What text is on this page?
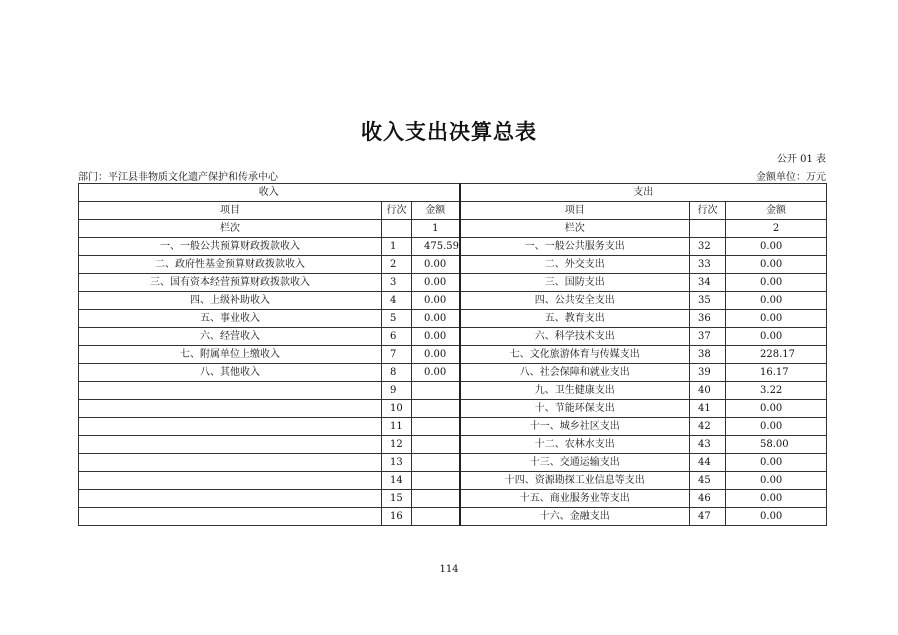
收入支出决算总表
公开 01 表
部门：平江县非物质文化遗产保护和传承中心	金额单位：万元
收入			支出		
项目	行次	金额	项目	行次	金额
栏次		1	栏次		2
一、一般公共预算财政拨款收入	1	475.59	一、一般公共服务支出	32	0.00
二、政府性基金预算财政拨款收入	2	0.00	二、外交支出	33	0.00
三、国有资本经营预算财政拨款收入	3	0.00	三、国防支出	34	0.00
四、上级补助收入	4	0.00	四、公共安全支出	35	0.00
五、事业收入	5	0.00	五、教育支出	36	0.00
六、经营收入	6	0.00	六、科学技术支出	37	0.00
七、附属单位上缴收入	7	0.00	七、文化旅游体育与传媒支出	38	228.17
八、其他收入	8	0.00	八、社会保障和就业支出	39	16.17
	9		九、卫生健康支出	40	3.22
	10		十、节能环保支出	41	0.00
	11		十一、城乡社区支出	42	0.00
	12		十二、农林水支出	43	58.00
	13		十三、交通运输支出	44	0.00
	14		十四、资源勘探工业信息等支出	45	0.00
	15		十五、商业服务业等支出	46	0.00
	16		十六、金融支出	47	0.00
114
